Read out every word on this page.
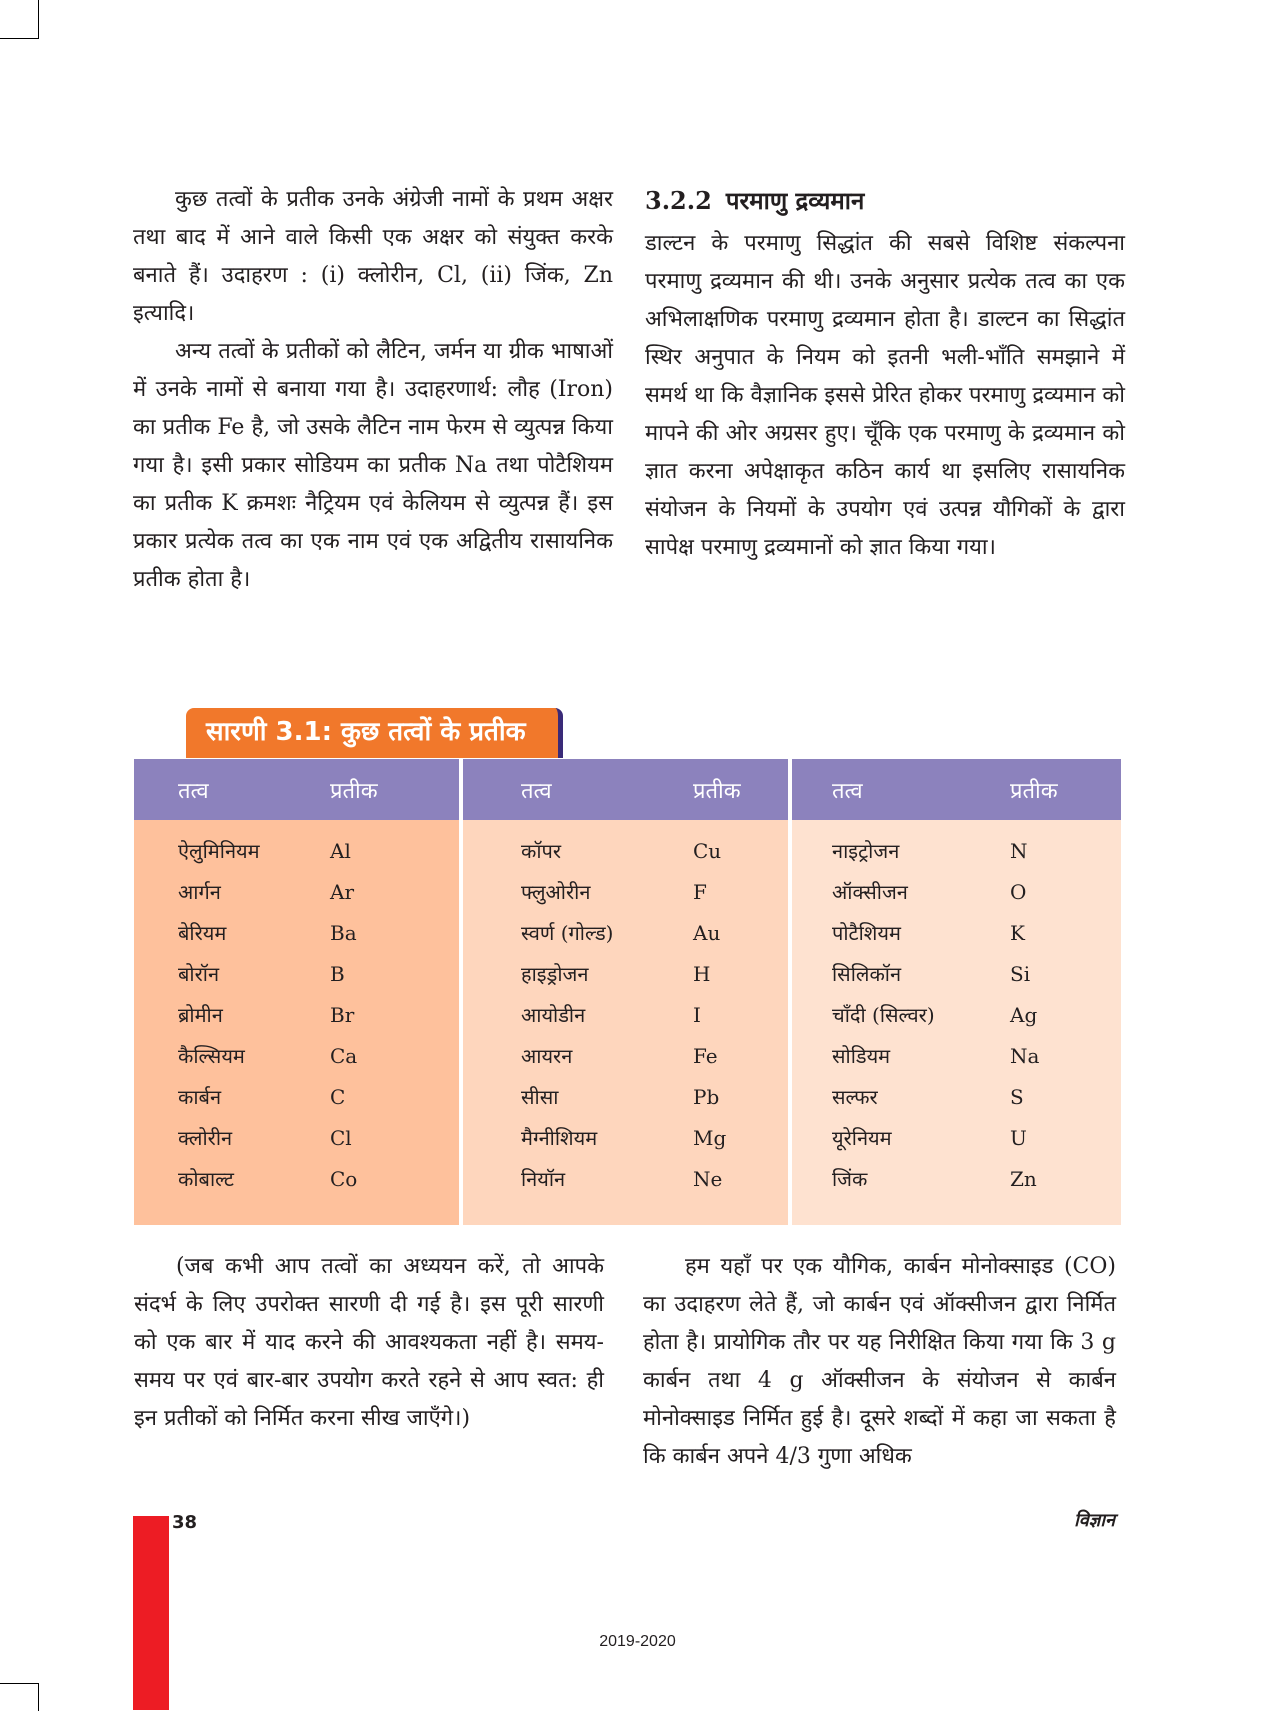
कुछ तत्वों के प्रतीक उनके अंग्रेजी नामों के प्रथम अक्षर तथा बाद में आने वाले किसी एक अक्षर को संयुक्त करके बनाते हैं। उदाहरण : (i) क्लोरीन, Cl, (ii) जिंक, Zn इत्यादि।

अन्य तत्वों के प्रतीकों को लैटिन, जर्मन या ग्रीक भाषाओं में उनके नामों से बनाया गया है। उदाहरणार्थ: लौह (Iron) का प्रतीक Fe है, जो उसके लैटिन नाम फेरम से व्युत्पन्न किया गया है। इसी प्रकार सोडियम का प्रतीक Na तथा पोटैशियम का प्रतीक K क्रमशः नैट्रियम एवं केलियम से व्युत्पन्न हैं। इस प्रकार प्रत्येक तत्व का एक नाम एवं एक अद्वितीय रासायनिक प्रतीक होता है।

3.2.2 परमाणु द्रव्यमान

डाल्टन के परमाणु सिद्धांत की सबसे विशिष्ट संकल्पना परमाणु द्रव्यमान की थी। उनके अनुसार प्रत्येक तत्व का एक अभिलाक्षणिक परमाणु द्रव्यमान होता है। डाल्टन का सिद्धांत स्थिर अनुपात के नियम को इतनी भली-भाँति समझाने में समर्थ था कि वैज्ञानिक इससे प्रेरित होकर परमाणु द्रव्यमान को मापने की ओर अग्रसर हुए। चूँकि एक परमाणु के द्रव्यमान को ज्ञात करना अपेक्षाकृत कठिन कार्य था इसलिए रासायनिक संयोजन के नियमों के उपयोग एवं उत्पन्न यौगिकों के द्वारा सापेक्ष परमाणु द्रव्यमानों को ज्ञात किया गया।

सारणी 3.1: कुछ तत्वों के प्रतीक
तत्व	प्रतीक
ऐलुमिनियम	Al
आर्गन	Ar
बेरियम	Ba
बोरॉन	B
ब्रोमीन	Br
कैल्सियम	Ca
कार्बन	C
क्लोरीन	Cl
कोबाल्ट	Co
तत्व	प्रतीक
कॉपर	Cu
फ्लुओरीन	F
स्वर्ण (गोल्ड)	Au
हाइड्रोजन	H
आयोडीन	I
आयरन	Fe
सीसा	Pb
मैग्नीशियम	Mg
नियॉन	Ne
तत्व	प्रतीक
नाइट्रोजन	N
ऑक्सीजन	O
पोटैशियम	K
सिलिकॉन	Si
चाँदी (सिल्वर)	Ag
सोडियम	Na
सल्फर	S
यूरेनियम	U
जिंक	Zn

(जब कभी आप तत्वों का अध्ययन करें, तो आपके संदर्भ के लिए उपरोक्त सारणी दी गई है। इस पूरी सारणी को एक बार में याद करने की आवश्यकता नहीं है। समय-समय पर एवं बार-बार उपयोग करते रहने से आप स्वत: ही इन प्रतीकों को निर्मित करना सीख जाएँगे।)

हम यहाँ पर एक यौगिक, कार्बन मोनोक्साइड (CO) का उदाहरण लेते हैं, जो कार्बन एवं ऑक्सीजन द्वारा निर्मित होता है। प्रायोगिक तौर पर यह निरीक्षित किया गया कि 3 g कार्बन तथा 4 g ऑक्सीजन के संयोजन से कार्बन मोनोक्साइड निर्मित हुई है। दूसरे शब्दों में कहा जा सकता है कि कार्बन अपने 4/3 गुणा अधिक

38	विज्ञान
2019-2020
